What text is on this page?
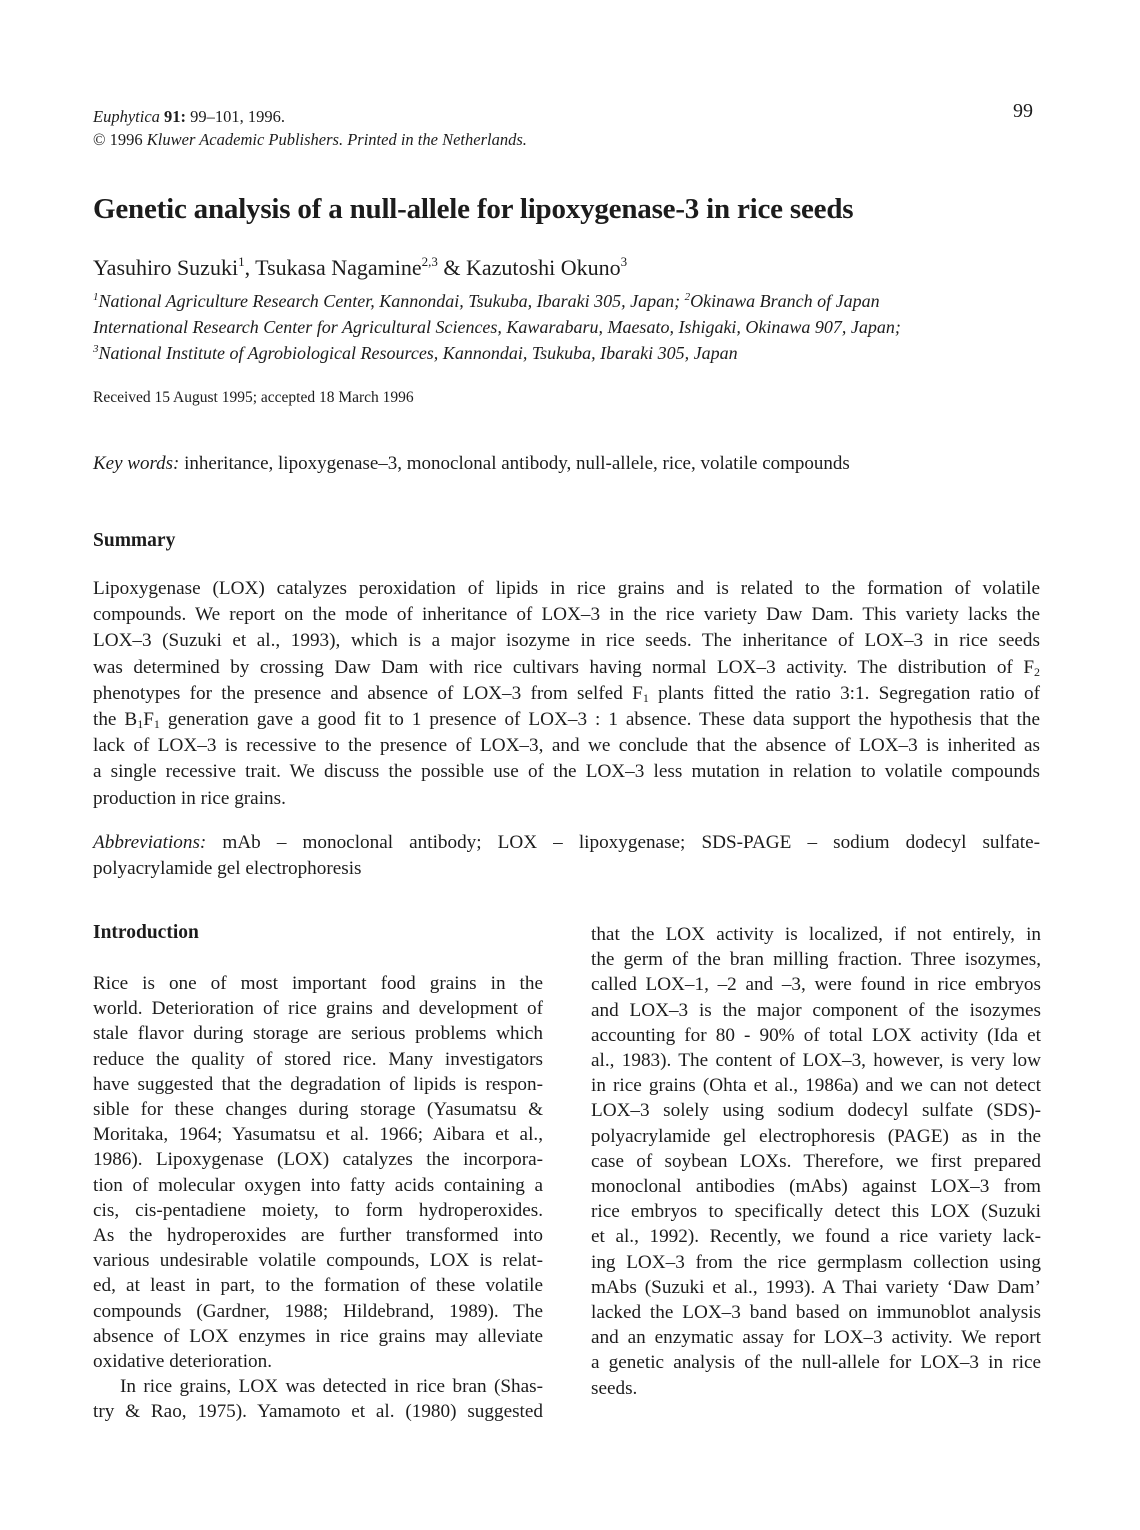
Euphytica 91: 99–101, 1996.
© 1996 Kluwer Academic Publishers. Printed in the Netherlands.
99
Genetic analysis of a null-allele for lipoxygenase-3 in rice seeds
Yasuhiro Suzuki$^1$, Tsukasa Nagamine$^{2,3}$ & Kazutoshi Okuno$^3$
$^1$National Agriculture Research Center, Kannondai, Tsukuba, Ibaraki 305, Japan; $^2$Okinawa Branch of Japan
International Research Center for Agricultural Sciences, Kawarabaru, Maesato, Ishigaki, Okinawa 907, Japan;
$^3$National Institute of Agrobiological Resources, Kannondai, Tsukuba, Ibaraki 305, Japan
Received 15 August 1995; accepted 18 March 1996
Key words: inheritance, lipoxygenase–3, monoclonal antibody, null-allele, rice, volatile compounds
Summary
Lipoxygenase (LOX) catalyzes peroxidation of lipids in rice grains and is related to the formation of volatile
compounds. We report on the mode of inheritance of LOX–3 in the rice variety Daw Dam. This variety lacks the
LOX–3 (Suzuki et al., 1993), which is a major isozyme in rice seeds. The inheritance of LOX–3 in rice seeds
was determined by crossing Daw Dam with rice cultivars having normal LOX–3 activity. The distribution of $F_2$
phenotypes for the presence and absence of LOX–3 from selfed $F_1$ plants fitted the ratio 3:1. Segregation ratio of
the $B_1F_1$ generation gave a good fit to 1 presence of LOX–3 : 1 absence. These data support the hypothesis that the
lack of LOX–3 is recessive to the presence of LOX–3, and we conclude that the absence of LOX–3 is inherited as
a single recessive trait. We discuss the possible use of the LOX–3 less mutation in relation to volatile compounds
production in rice grains.
Abbreviations: mAb – monoclonal antibody; LOX – lipoxygenase; SDS-PAGE – sodium dodecyl sulfate-
polyacrylamide gel electrophoresis
Introduction
Rice is one of most important food grains in the
world. Deterioration of rice grains and development of
stale flavor during storage are serious problems which
reduce the quality of stored rice. Many investigators
have suggested that the degradation of lipids is respon-
sible for these changes during storage (Yasumatsu &
Moritaka, 1964; Yasumatsu et al. 1966; Aibara et al.,
1986). Lipoxygenase (LOX) catalyzes the incorpora-
tion of molecular oxygen into fatty acids containing a
cis, cis-pentadiene moiety, to form hydroperoxides.
As the hydroperoxides are further transformed into
various undesirable volatile compounds, LOX is relat-
ed, at least in part, to the formation of these volatile
compounds (Gardner, 1988; Hildebrand, 1989). The
absence of LOX enzymes in rice grains may alleviate
oxidative deterioration.
In rice grains, LOX was detected in rice bran (Shas-
try & Rao, 1975). Yamamoto et al. (1980) suggested
that the LOX activity is localized, if not entirely, in
the germ of the bran milling fraction. Three isozymes,
called LOX–1, –2 and –3, were found in rice embryos
and LOX–3 is the major component of the isozymes
accounting for 80 - 90% of total LOX activity (Ida et
al., 1983). The content of LOX–3, however, is very low
in rice grains (Ohta et al., 1986a) and we can not detect
LOX–3 solely using sodium dodecyl sulfate (SDS)-
polyacrylamide gel electrophoresis (PAGE) as in the
case of soybean LOXs. Therefore, we first prepared
monoclonal antibodies (mAbs) against LOX–3 from
rice embryos to specifically detect this LOX (Suzuki
et al., 1992). Recently, we found a rice variety lack-
ing LOX–3 from the rice germplasm collection using
mAbs (Suzuki et al., 1993). A Thai variety ‘Daw Dam’
lacked the LOX–3 band based on immunoblot analysis
and an enzymatic assay for LOX–3 activity. We report
a genetic analysis of the null-allele for LOX–3 in rice
seeds.
